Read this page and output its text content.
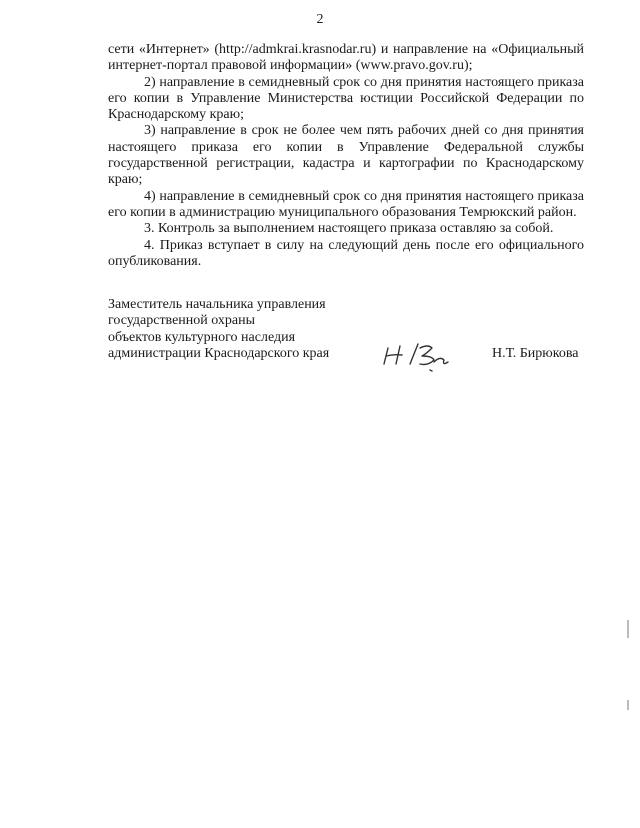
2

сети «Интернет» (http://admkrai.krasnodar.ru) и направление на «Официальный интернет-портал правовой информации» (www.pravo.gov.ru);

2) направление в семидневный срок со дня принятия настоящего приказа его копии в Управление Министерства юстиции Российской Федерации по Краснодарскому краю;

3) направление в срок не более чем пять рабочих дней со дня принятия настоящего приказа его копии в Управление Федеральной службы государственной регистрации, кадастра и картографии по Краснодарскому краю;

4) направление в семидневный срок со дня принятия настоящего приказа его копии в администрацию муниципального образования Темрюкский район.

3. Контроль за выполнением настоящего приказа оставляю за собой.

4. Приказ вступает в силу на следующий день после его официального опубликования.

Заместитель начальника управления
государственной охраны
объектов культурного наследия
администрации Краснодарского края	Н.Т. Бирюкова
